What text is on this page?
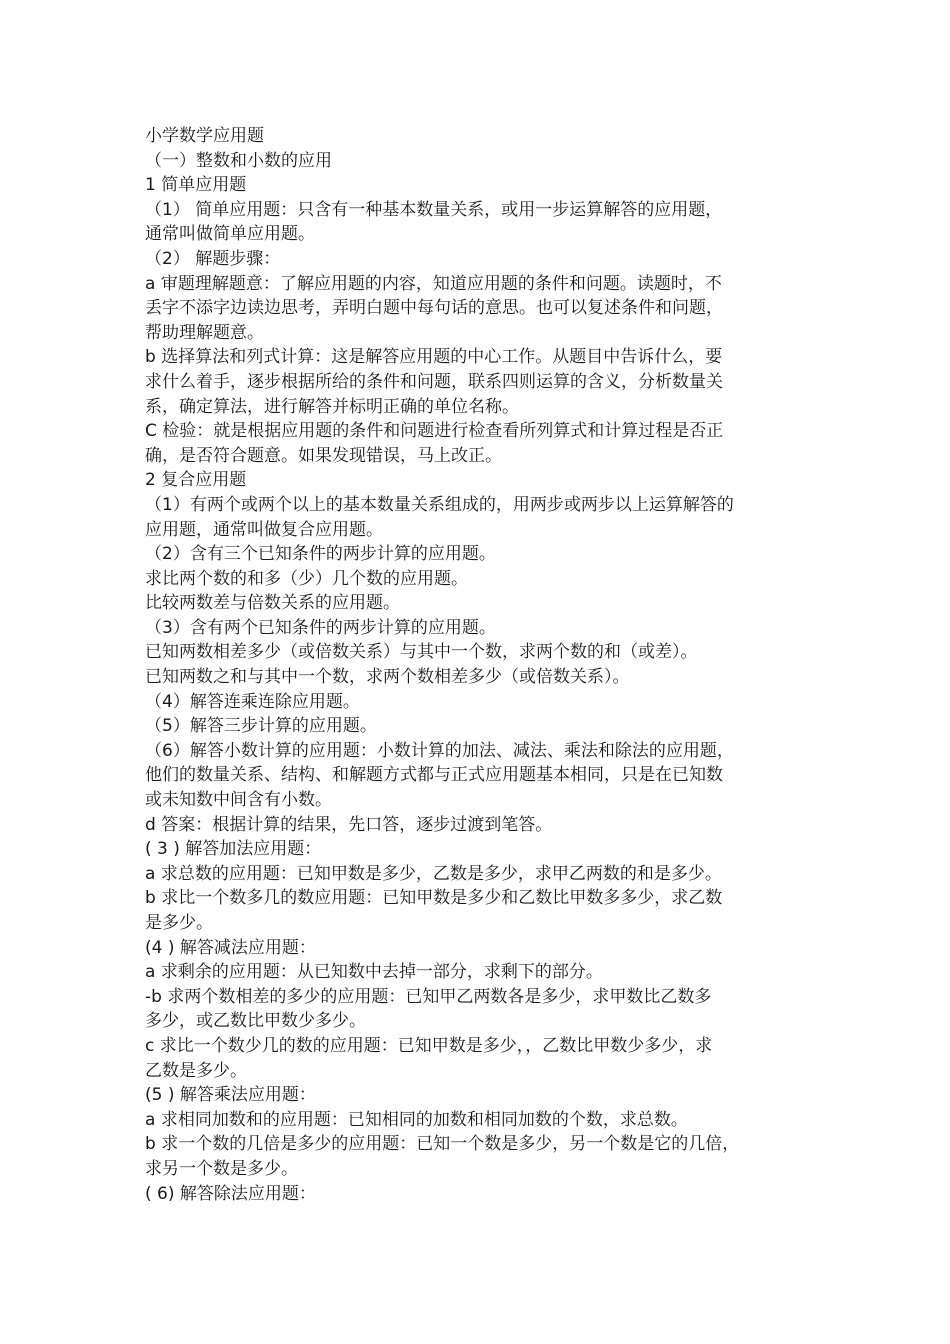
小学数学应用题
（一）整数和小数的应用
1 简单应用题
（1） 简单应用题：只含有一种基本数量关系，或用一步运算解答的应用题，
通常叫做简单应用题。
（2） 解题步骤：
a 审题理解题意：了解应用题的内容，知道应用题的条件和问题。读题时，不
丢字不添字边读边思考，弄明白题中每句话的意思。也可以复述条件和问题，
帮助理解题意。
b 选择算法和列式计算：这是解答应用题的中心工作。从题目中告诉什么，要
求什么着手，逐步根据所给的条件和问题，联系四则运算的含义，分析数量关
系，确定算法，进行解答并标明正确的单位名称。
C 检验：就是根据应用题的条件和问题进行检查看所列算式和计算过程是否正
确，是否符合题意。如果发现错误，马上改正。
2 复合应用题
（1）有两个或两个以上的基本数量关系组成的，用两步或两步以上运算解答的
应用题，通常叫做复合应用题。
（2）含有三个已知条件的两步计算的应用题。
求比两个数的和多（少）几个数的应用题。
比较两数差与倍数关系的应用题。
（3）含有两个已知条件的两步计算的应用题。
已知两数相差多少（或倍数关系）与其中一个数，求两个数的和（或差）。
已知两数之和与其中一个数，求两个数相差多少（或倍数关系）。
（4）解答连乘连除应用题。
（5）解答三步计算的应用题。
（6）解答小数计算的应用题：小数计算的加法、减法、乘法和除法的应用题，
他们的数量关系、结构、和解题方式都与正式应用题基本相同，只是在已知数
或未知数中间含有小数。
d 答案：根据计算的结果，先口答，逐步过渡到笔答。
( 3 ) 解答加法应用题：
a 求总数的应用题：已知甲数是多少，乙数是多少，求甲乙两数的和是多少。
b 求比一个数多几的数应用题：已知甲数是多少和乙数比甲数多多少，求乙数
是多少。
(4 ) 解答减法应用题：
a 求剩余的应用题：从已知数中去掉一部分，求剩下的部分。
-b 求两个数相差的多少的应用题：已知甲乙两数各是多少，求甲数比乙数多
多少，或乙数比甲数少多少。
c 求比一个数少几的数的应用题：已知甲数是多少，，乙数比甲数少多少，求
乙数是多少。
(5 ) 解答乘法应用题：
a 求相同加数和的应用题：已知相同的加数和相同加数的个数，求总数。
b 求一个数的几倍是多少的应用题：已知一个数是多少，另一个数是它的几倍，
求另一个数是多少。
( 6) 解答除法应用题：
